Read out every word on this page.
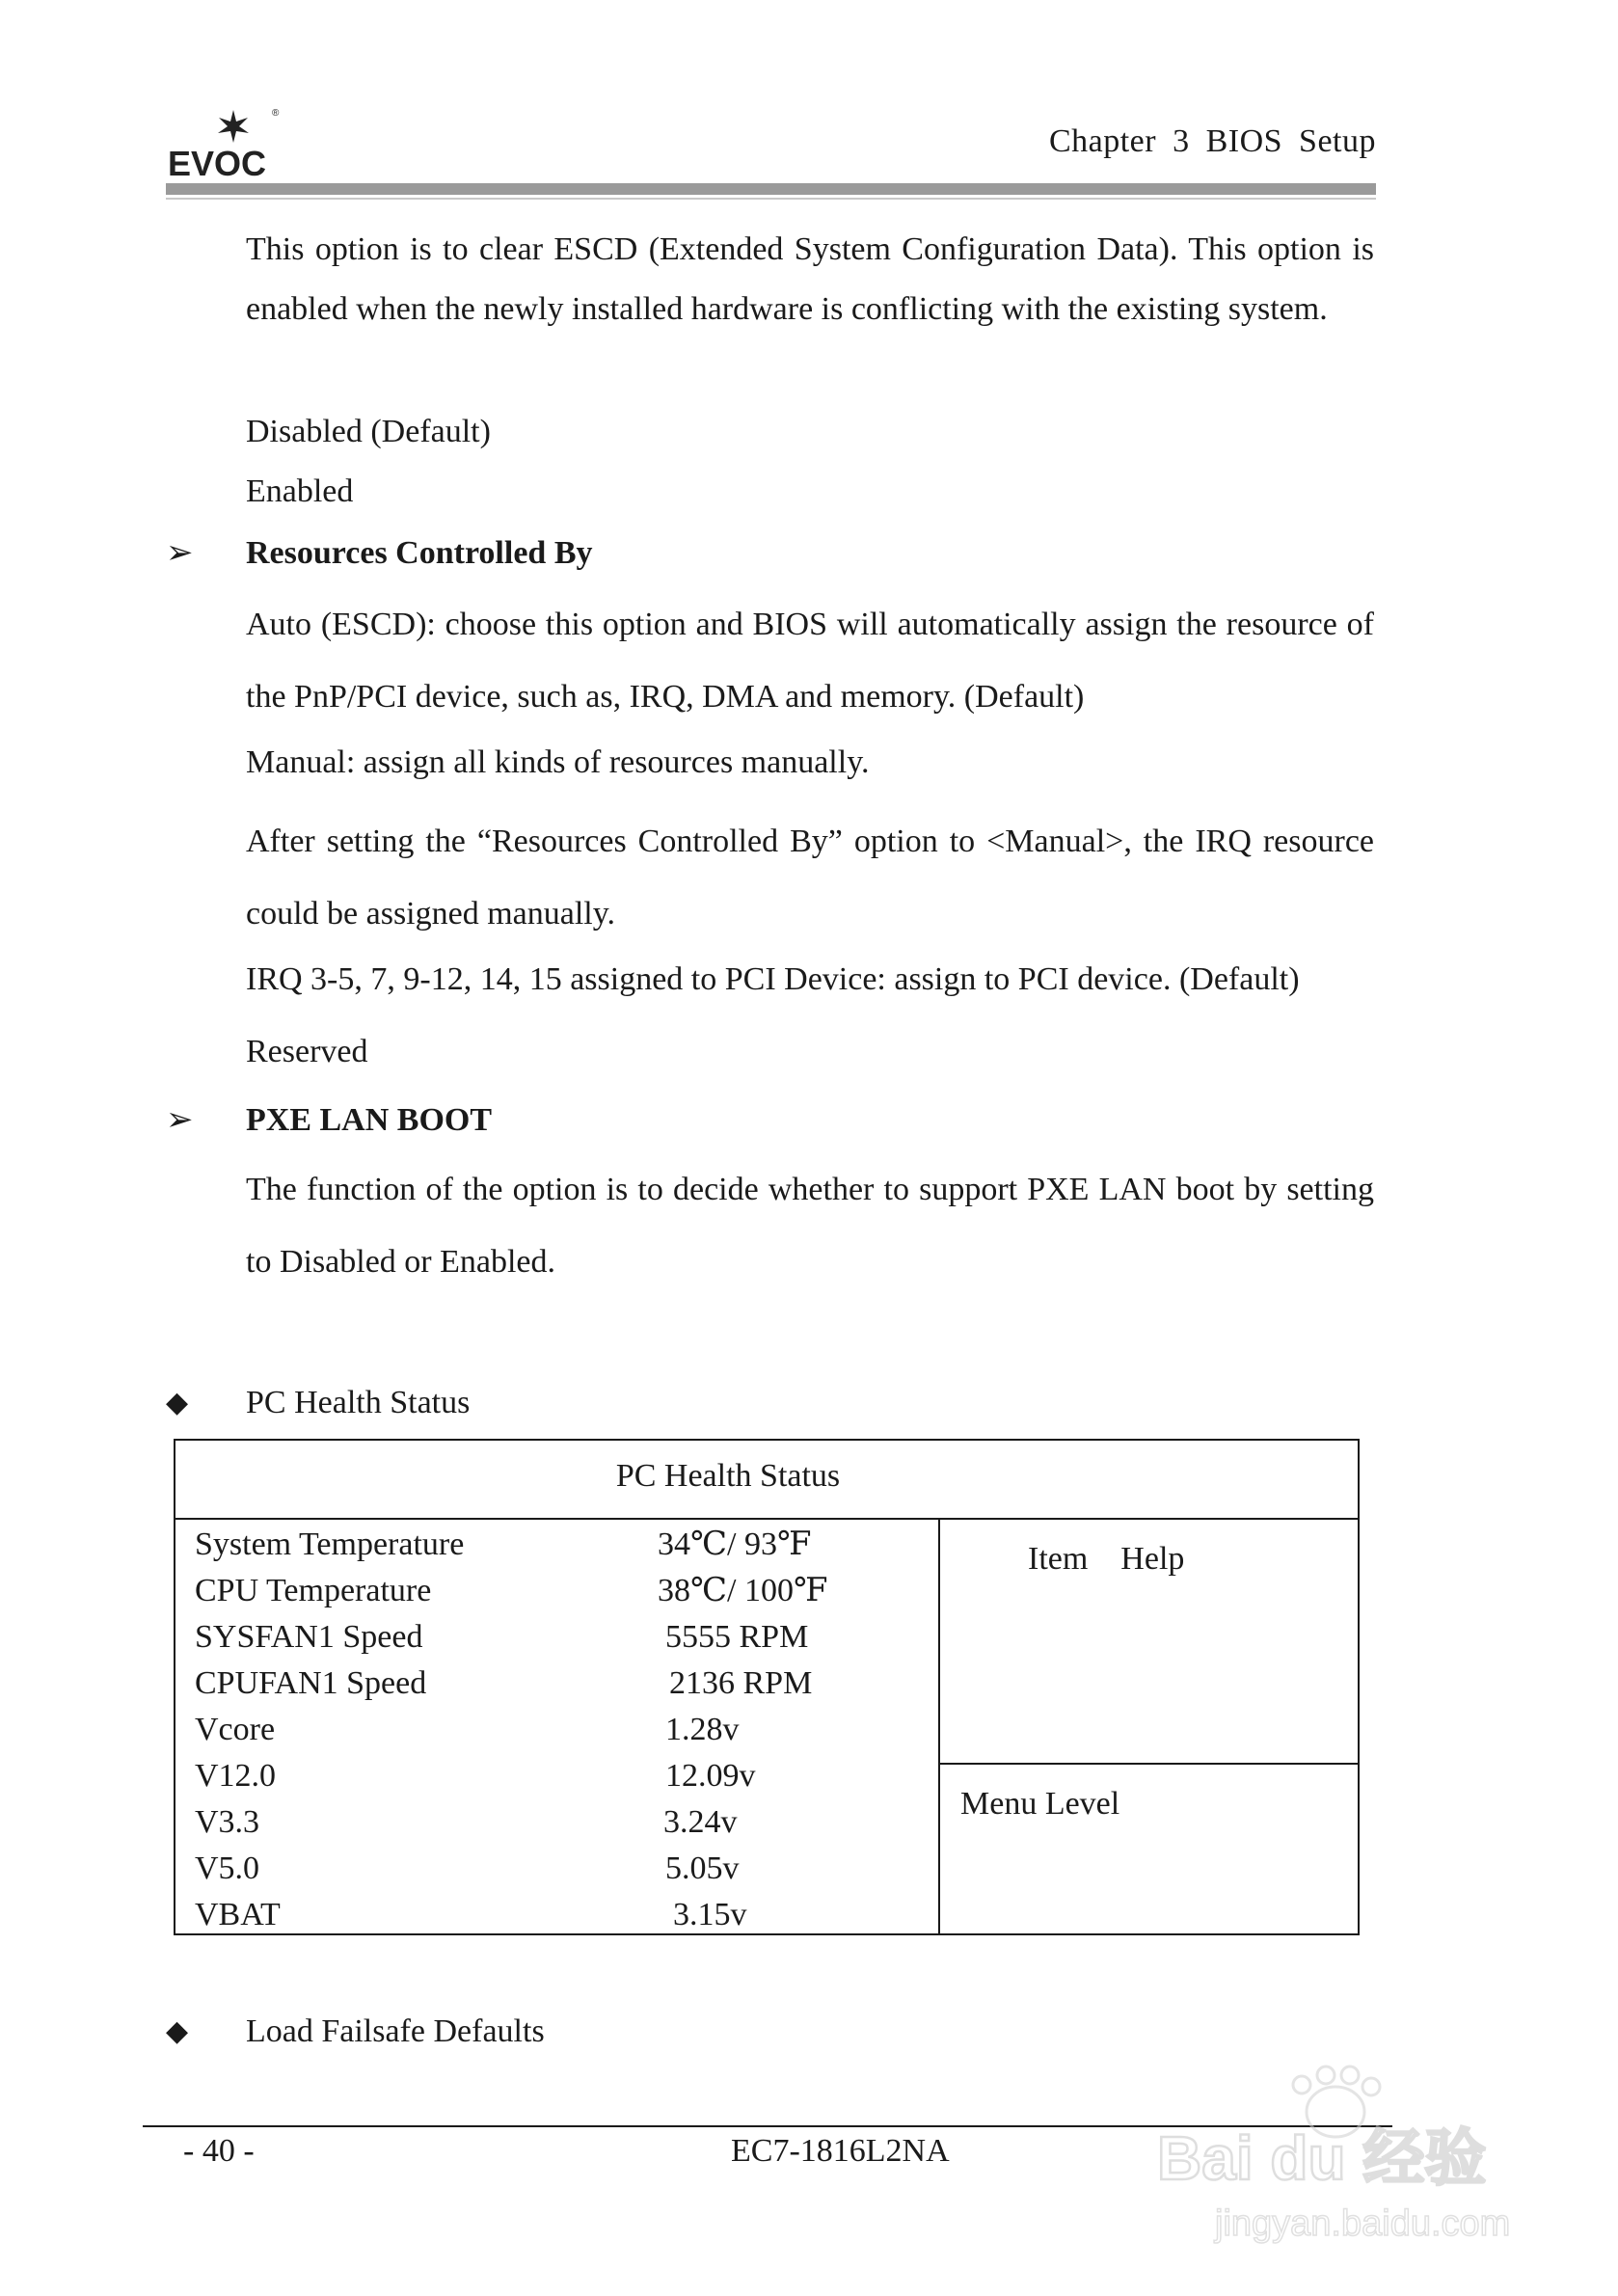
EVOC
®
Chapter 3 BIOS Setup
This option is to clear ESCD (Extended System Configuration Data). This option is enabled when the newly installed hardware is conflicting with the existing system.
Disabled (Default)
Enabled
➢ Resources Controlled By
Auto (ESCD): choose this option and BIOS will automatically assign the resource of the PnP/PCI device, such as, IRQ, DMA and memory. (Default)
Manual: assign all kinds of resources manually.
After setting the “Resources Controlled By” option to <Manual>, the IRQ resource could be assigned manually.
IRQ 3-5, 7, 9-12, 14, 15 assigned to PCI Device: assign to PCI device. (Default)
Reserved
➢ PXE LAN BOOT
The function of the option is to decide whether to support PXE LAN boot by setting to Disabled or Enabled.
◆ PC Health Status
PC Health Status
System Temperature	34℃/ 93℉
CPU Temperature	38℃/ 100℉
SYSFAN1 Speed	5555 RPM
CPUFAN1 Speed	2136 RPM
Vcore	1.28v
V12.0	12.09v
V3.3	3.24v
V5.0	5.05v
VBAT	3.15v
Item    Help
Menu Level
◆ Load Failsafe Defaults
- 40 -	EC7-1816L2NA	Bai du 经验
jingyan.baidu.com
